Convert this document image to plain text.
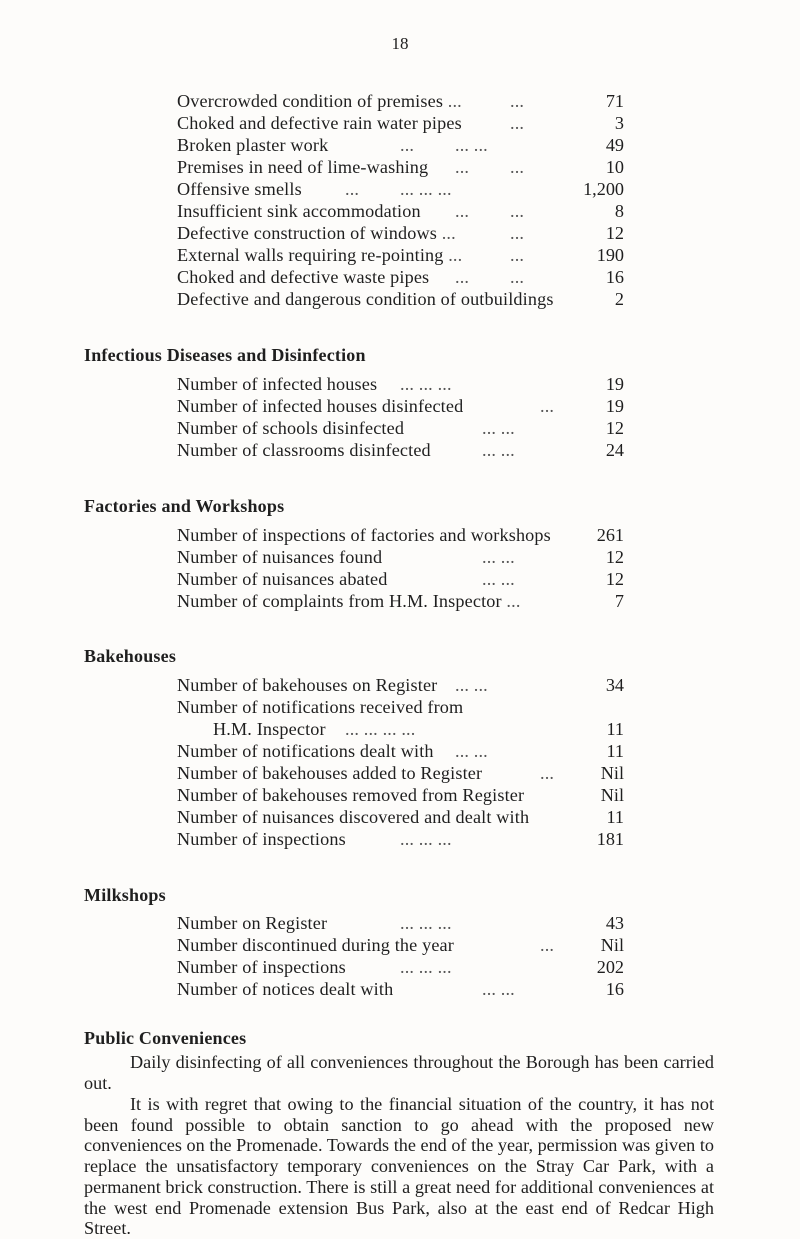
18
Overcrowded condition of premises ...	...	71
Choked and defective rain water pipes	...	3
Broken plaster work	... ... ...	49
Premises in need of lime-washing ... ...	10
Offensive smells ... ... ... ...	1,200
Insufficient sink accommodation ... ...	8
Defective construction of windows ...	...	12
External walls requiring re-pointing ...	...	190
Choked and defective waste pipes ... ...	16
Defective and dangerous condition of outbuildings	2
Infectious Diseases and Disinfection
Number of infected houses ... ... ...	19
Number of infected houses disinfected	...	19
Number of schools disinfected	... ...	12
Number of classrooms disinfected	... ...	24
Factories and Workshops
Number of inspections of factories and workshops	261
Number of nuisances found	... ...	12
Number of nuisances abated	... ...	12
Number of complaints from H.M. Inspector ...	7
Bakehouses
Number of bakehouses on Register ... ...	34
Number of notifications received from
H.M. Inspector ... ... ... ...	11
Number of notifications dealt with ... ...	11
Number of bakehouses added to Register	...	Nil
Number of bakehouses removed from Register	Nil
Number of nuisances discovered and dealt with	11
Number of inspections	... ... ...	181
Milkshops
Number on Register	... ... ...	43
Number discontinued during the year	...	Nil
Number of inspections	... ... ...	202
Number of notices dealt with	... ...	16
Public Conveniences
Daily disinfecting of all conveniences throughout the Borough has been carried out.
It is with regret that owing to the financial situation of the country, it has not been found possible to obtain sanction to go ahead with the proposed new conveniences on the Promenade. Towards the end of the year, permission was given to replace the unsatisfactory temporary conveniences on the Stray Car Park, with a permanent brick construction. There is still a great need for additional conveniences at the west end Promenade extension Bus Park, also at the east end of Redcar High Street.
